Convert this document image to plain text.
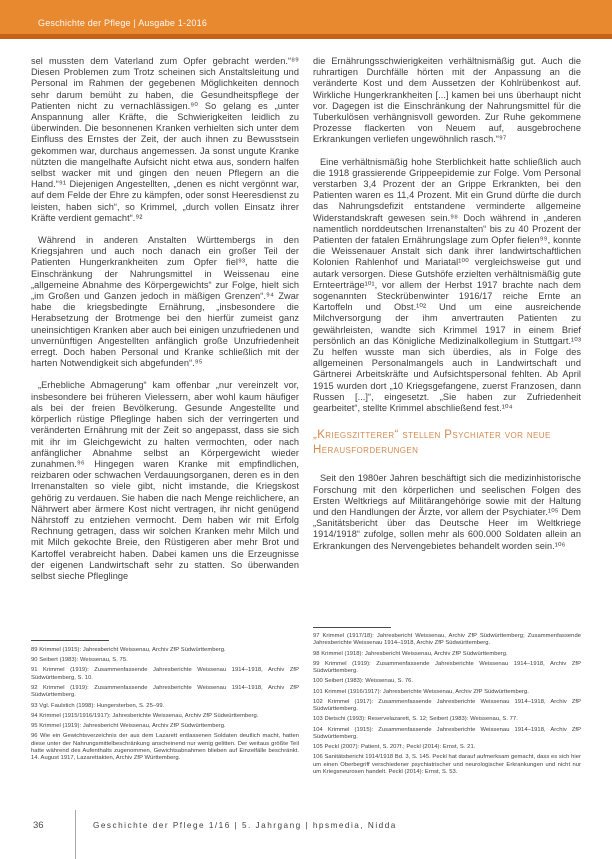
Geschichte der Pflege | Ausgabe 1-2016

sel mussten dem Vaterland zum Opfer gebracht werden.“⁸⁹ Diesen Problemen zum Trotz scheinen sich Anstaltsleitung und Personal im Rahmen der gegebenen Möglichkeiten dennoch sehr darum bemüht zu haben, die Gesundheitspflege der Patienten nicht zu vernachlässigen.⁹⁰ So gelang es „unter Anspannung aller Kräfte, die Schwierigkeiten leidlich zu überwinden. Die besonnenen Kranken verhielten sich unter dem Einfluss des Ernstes der Zeit, der auch ihnen zu Bewusstsein gekommen war, durchaus angemessen. Ja sonst ungute Kranke nützten die mangelhafte Aufsicht nicht etwa aus, sondern halfen selbst wacker mit und gingen den neuen Pflegern an die Hand.“⁹¹ Diejenigen Angestellten, „denen es nicht vergönnt war, auf dem Felde der Ehre zu kämpfen, oder sonst Heeresdienst zu leisten, haben sich“, so Krimmel, „durch vollen Einsatz ihrer Kräfte verdient gemacht“.⁹²

Während in anderen Anstalten Württembergs in den Kriegsjahren und auch noch danach ein großer Teil der Patienten Hungerkrankheiten zum Opfer fiel⁹³, hatte die Einschränkung der Nahrungsmittel in Weissenau eine „allgemeine Abnahme des Körpergewichts“ zur Folge, hielt sich „im Großen und Ganzen jedoch in mäßigen Grenzen“.⁹⁴ Zwar habe die kriegsbedingte Ernährung, „insbesondere die Herabsetzung der Brotmenge bei den hierfür zumeist ganz uneinsichtigen Kranken aber auch bei einigen unzufriedenen und unvernünftigen Angestellten anfänglich große Unzufriedenheit erregt. Doch haben Personal und Kranke schließlich mit der harten Notwendigkeit sich abgefunden“.⁹⁵

„Erhebliche Abmagerung“ kam offenbar „nur vereinzelt vor, insbesondere bei früheren Vielessern, aber wohl kaum häufiger als bei der freien Bevölkerung. Gesunde Angestellte und körperlich rüstige Pfleglinge haben sich der verringerten und veränderten Ernährung mit der Zeit so angepasst, dass sie sich mit ihr im Gleichgewicht zu halten vermochten, oder nach anfänglicher Abnahme selbst an Körpergewicht wieder zunahmen.⁹⁶ Hingegen waren Kranke mit empfindlichen, reizbaren oder schwachen Verdauungsorganen, deren es in den Irrenanstalten so viele gibt, nicht imstande, die Kriegskost gehörig zu verdauen. Sie haben die nach Menge reichlichere, an Nährwert aber ärmere Kost nicht vertragen, ihr nicht genügend Nährstoff zu entziehen vermocht. Dem haben wir mit Erfolg Rechnung getragen, dass wir solchen Kranken mehr Milch und mit Milch gekochte Breie, den Rüstigeren aber mehr Brot und Kartoffel verabreicht haben. Dabei kamen uns die Erzeugnisse der eigenen Landwirtschaft sehr zu statten. So überwanden selbst sieche Pfleglinge

die Ernährungsschwierigkeiten verhältnismäßig gut. Auch die ruhrartigen Durchfälle hörten mit der Anpassung an die veränderte Kost und dem Aussetzen der Kohlrübenkost auf. Wirkliche Hungerkrankheiten [...] kamen bei uns überhaupt nicht vor. Dagegen ist die Einschränkung der Nahrungsmittel für die Tuberkulösen verhängnisvoll geworden. Zur Ruhe gekommene Prozesse flackerten von Neuem auf, ausgebrochene Erkrankungen verliefen ungewöhnlich rasch.“⁹⁷

Eine verhältnismäßig hohe Sterblichkeit hatte schließlich auch die 1918 grassierende Grippeepidemie zur Folge. Vom Personal verstarben 3,4 Prozent der an Grippe Erkrankten, bei den Patienten waren es 11,4 Prozent. Mit ein Grund dürfte die durch das Nahrungsdefizit entstandene verminderte allgemeine Widerstandskraft gewesen sein.⁹⁸ Doch während in „anderen namentlich norddeutschen Irrenanstalten“ bis zu 40 Prozent der Patienten der fatalen Ernährungslage zum Opfer fielen⁹⁹, konnte die Weissenauer Anstalt sich dank ihrer landwirtschaftlichen Kolonien Rahlenhof und Mariatal¹⁰⁰ vergleichsweise gut und autark versorgen. Diese Gutshöfe erzielten verhältnismäßig gute Ernteerträge¹⁰¹, vor allem der Herbst 1917 brachte nach dem sogenannten Steckrübenwinter 1916/17 reiche Ernte an Kartoffeln und Obst.¹⁰² Und um eine ausreichende Milchversorgung der ihm anvertrauten Patienten zu gewährleisten, wandte sich Krimmel 1917 in einem Brief persönlich an das Königliche Medizinalkollegium in Stuttgart.¹⁰³ Zu helfen wusste man sich überdies, als in Folge des allgemeinen Personalmangels auch in Landwirtschaft und Gärtnerei Arbeitskräfte und Aufsichtspersonal fehlten. Ab April 1915 wurden dort „10 Kriegsgefangene, zuerst Franzosen, dann Russen [...]“, eingesetzt. „Sie haben zur Zufriedenheit gearbeitet“, stellte Krimmel abschließend fest.¹⁰⁴

„Kriegszitterer“ stellen Psychiater vor neue Herausforderungen

Seit den 1980er Jahren beschäftigt sich die medizinhistorische Forschung mit den körperlichen und seelischen Folgen des Ersten Weltkriegs auf Militärangehörige sowie mit der Haltung und den Handlungen der Ärzte, vor allem der Psychiater.¹⁰⁵ Dem „Sanitätsbericht über das Deutsche Heer im Weltkriege 1914/1918“ zufolge, sollen mehr als 600.000 Soldaten allein an Erkrankungen des Nervengebietes behandelt worden sein.¹⁰⁶

89 Krimmel (1915): Jahresbericht Weissenau, Archiv ZfP Südwürttemberg.

90 Seibert (1983): Weissenau, S. 75.

91 Krimmel (1919): Zusammenfassende Jahresberichte Weissenau 1914–1918, Archiv ZfP Südwürttemberg, S. 10.

92 Krimmel (1919): Zusammenfassende Jahresberichte Weissenau 1914–1918, Archiv ZfP Südwürttemberg.

93 Vgl. Faulstich (1998): Hungersterben, S. 25–99.

94 Krimmel (1915/1916/1917): Jahresberichte Weissenau, Archiv ZfP Südwürttemberg.

95 Krimmel (1919): Jahresbericht Weissenau, Archiv ZfP Südwürttemberg.

96 Wie ein Gewichtsverzeichnis der aus dem Lazarett entlassenen Soldaten deutlich macht, hatten diese unter der Nahrungsmittelbeschränkung anscheinend nur wenig gelitten. Der weitaus größte Teil hatte während des Aufenthalts zugenommen, Gewichtsabnahmen blieben auf Einzelfälle beschränkt. 14. August 1917, Lazarettakten, Archiv ZfP Württemberg.

97 Krimmel (1917/18): Jahresbericht Weissenau, Archiv ZfP Südwürttemberg; Zusammenfassende Jahresberichte Weissenau 1914–1918, Archiv ZfP Südwürttemberg.

98 Krimmel (1918): Jahresbericht Weissenau, Archiv ZfP Südwürttemberg.

99 Krimmel (1919): Zusammenfassende Jahresberichte Weissenau 1914–1918, Archiv ZfP Südwürttemberg.

100 Seibert (1983): Weissenau, S. 76.

101 Krimmel (1916/1917): Jahresberichte Weissenau, Archiv ZfP Südwürttemberg.

102 Krimmel (1917): Zusammenfassende Jahresberichte Weissenau 1914–1918, Archiv ZfP Südwürttemberg.

103 Dietschi (1993): Reservelazarett, S. 12; Seibert (1983): Weissenau, S. 77.

104 Krimmel (1915): Zusammenfassende Jahresberichte Weissenau 1914–1918, Archiv ZfP Südwürttemberg.

105 Peckl (2007): Patient, S. 207f.; Peckl (2014): Ernst, S. 21.

106 Sanitätsbericht 1914/1918 Bd. 3, S. 145. Peckl hat darauf aufmerksam gemacht, dass es sich hier um einen Oberbegriff verschiedener psychiatrischer und neurologischer Erkrankungen und nicht nur um Kriegsneurosen handelt. Peckl (2014): Ernst, S. 53.

36	Geschichte der Pflege 1/16 | 5. Jahrgang | hpsmedia, Nidda
